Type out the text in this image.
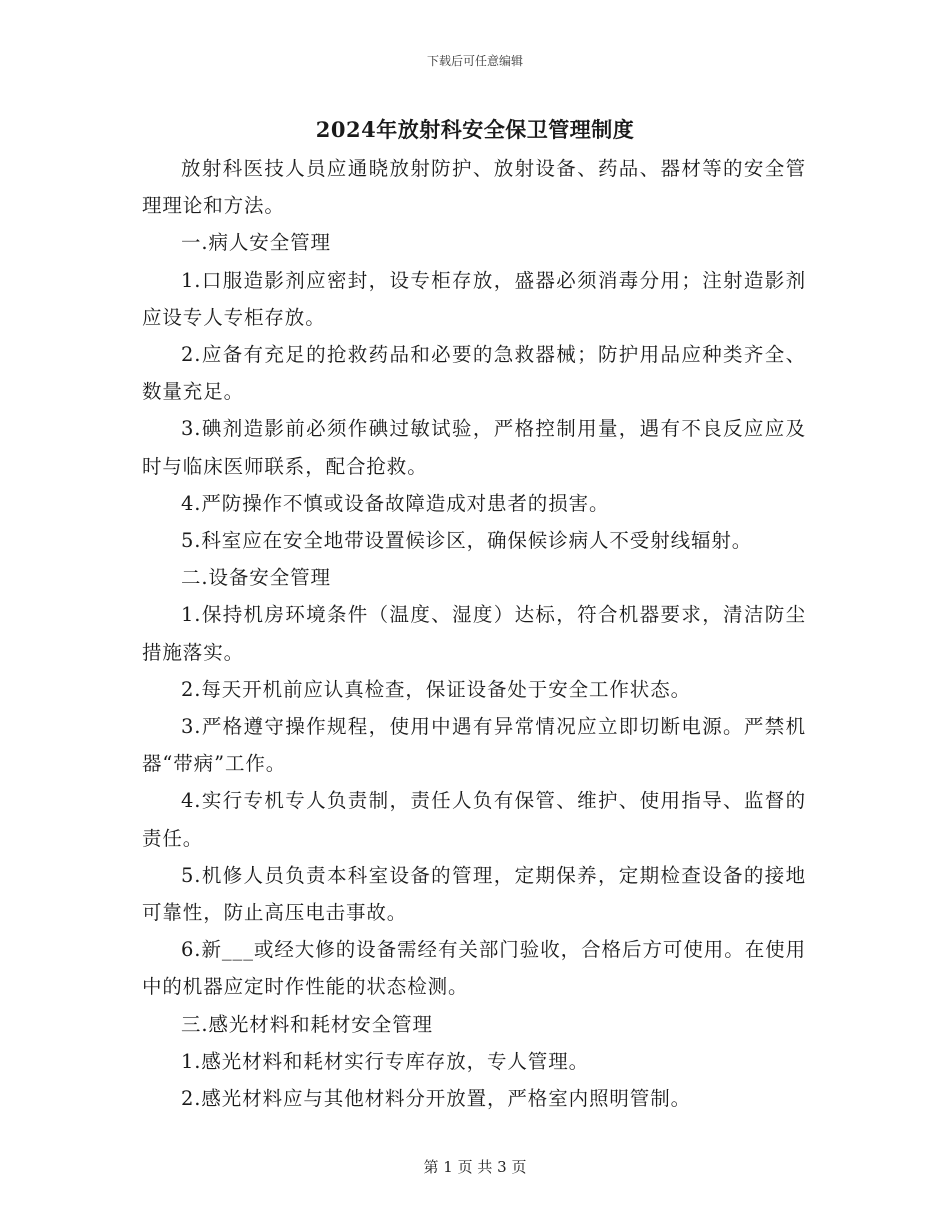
下载后可任意编辑
2024年放射科安全保卫管理制度

放射科医技人员应通晓放射防护、放射设备、药品、器材等的安全管理理论和方法。

一.病人安全管理

1.口服造影剂应密封，设专柜存放，盛器必须消毒分用；注射造影剂应设专人专柜存放。

2.应备有充足的抢救药品和必要的急救器械；防护用品应种类齐全、数量充足。

3.碘剂造影前必须作碘过敏试验，严格控制用量，遇有不良反应应及时与临床医师联系，配合抢救。

4.严防操作不慎或设备故障造成对患者的损害。

5.科室应在安全地带设置候诊区，确保候诊病人不受射线辐射。

二.设备安全管理

1.保持机房环境条件（温度、湿度）达标，符合机器要求，清洁防尘措施落实。

2.每天开机前应认真检查，保证设备处于安全工作状态。

3.严格遵守操作规程，使用中遇有异常情况应立即切断电源。严禁机器“带病”工作。

4.实行专机专人负责制，责任人负有保管、维护、使用指导、监督的责任。

5.机修人员负责本科室设备的管理，定期保养，定期检查设备的接地可靠性，防止高压电击事故。

6.新___或经大修的设备需经有关部门验收，合格后方可使用。在使用中的机器应定时作性能的状态检测。

三.感光材料和耗材安全管理

1.感光材料和耗材实行专库存放，专人管理。

2.感光材料应与其他材料分开放置，严格室内照明管制。

第 1 页 共 3 页
